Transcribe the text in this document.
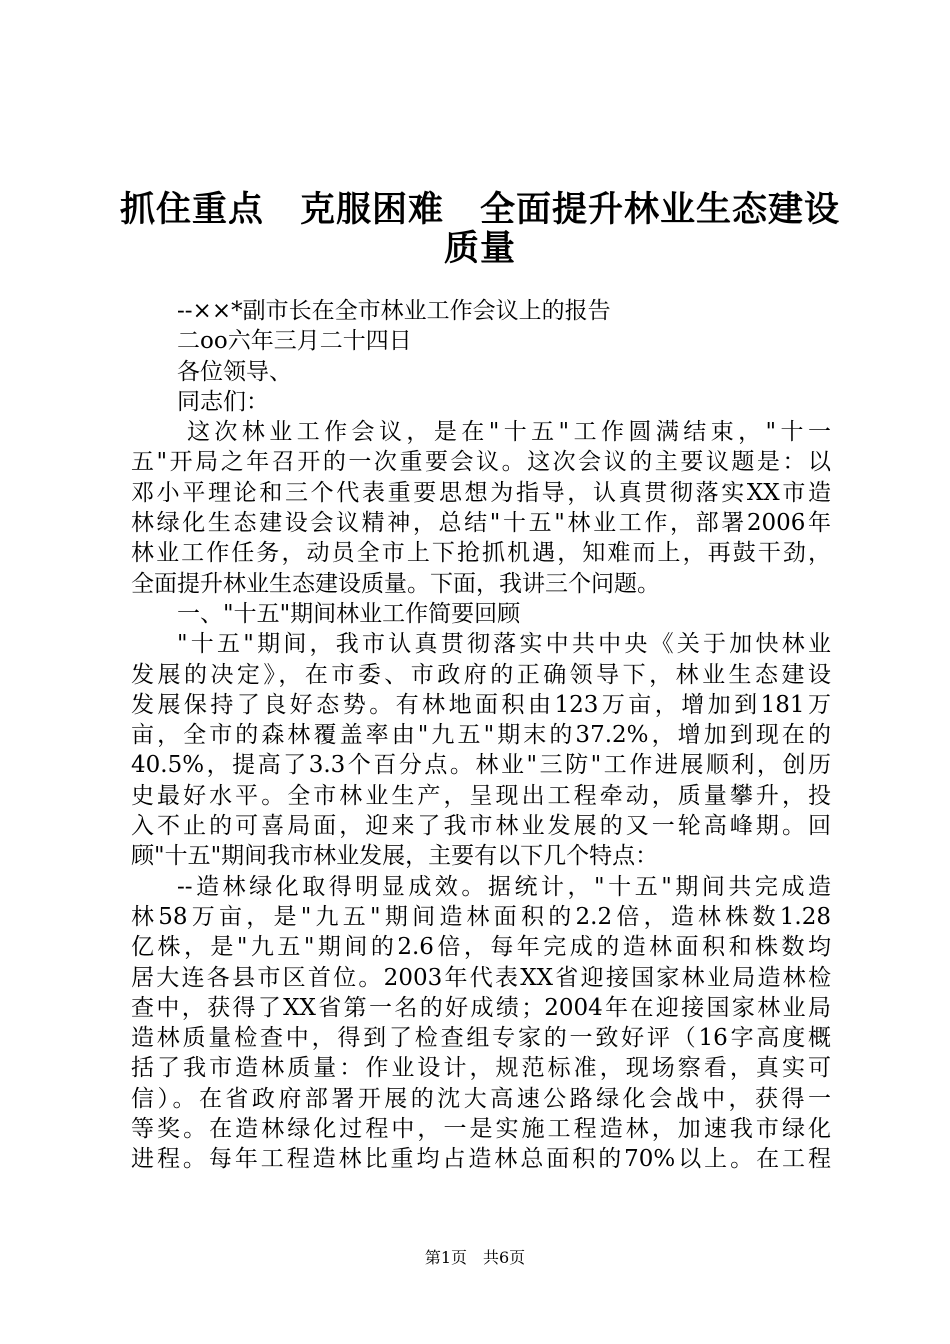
抓住重点　克服困难　全面提升林业生态建设
质量
--××*副市长在全市林业工作会议上的报告
二oo六年三月二十四日
各位领导、
同志们：
这次林业工作会议，是在"十五"工作圆满结束，"十一
五"开局之年召开的一次重要会议。这次会议的主要议题是：以
邓小平理论和三个代表重要思想为指导，认真贯彻落实XX市造
林绿化生态建设会议精神，总结"十五"林业工作，部署2006年
林业工作任务，动员全市上下抢抓机遇，知难而上，再鼓干劲，
全面提升林业生态建设质量。下面，我讲三个问题。
一、"十五"期间林业工作简要回顾
"十五"期间，我市认真贯彻落实中共中央《关于加快林业
发展的决定》，在市委、市政府的正确领导下，林业生态建设
发展保持了良好态势。有林地面积由123万亩，增加到181万
亩，全市的森林覆盖率由"九五"期末的37.2%，增加到现在的
40.5%，提高了3.3个百分点。林业"三防"工作进展顺利，创历
史最好水平。全市林业生产，呈现出工程牵动，质量攀升，投
入不止的可喜局面，迎来了我市林业发展的又一轮高峰期。回
顾"十五"期间我市林业发展，主要有以下几个特点：
--造林绿化取得明显成效。据统计，"十五"期间共完成造
林58万亩，是"九五"期间造林面积的2.2倍，造林株数1.28
亿株，是"九五"期间的2.6倍，每年完成的造林面积和株数均
居大连各县市区首位。2003年代表XX省迎接国家林业局造林检
查中，获得了XX省第一名的好成绩；2004年在迎接国家林业局
造林质量检查中，得到了检查组专家的一致好评（16字高度概
括了我市造林质量：作业设计，规范标准，现场察看，真实可
信）。在省政府部署开展的沈大高速公路绿化会战中，获得一
等奖。在造林绿化过程中，一是实施工程造林，加速我市绿化
进程。每年工程造林比重均占造林总面积的70%以上。在工程
第1页　共6页
